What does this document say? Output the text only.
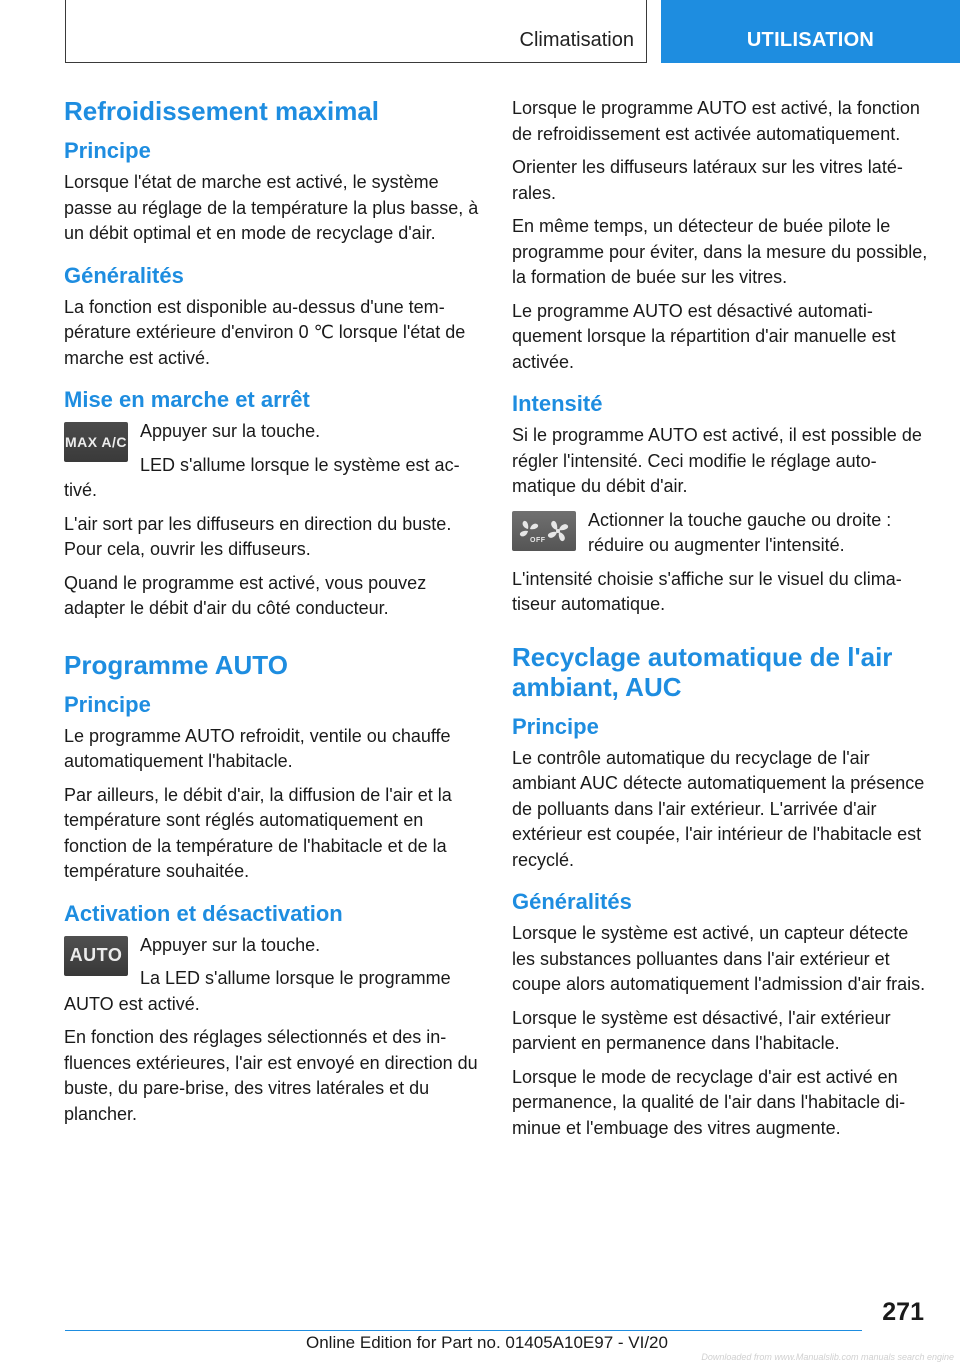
Climatisation	UTILISATION
Refroidissement maximal
Principe

Lorsque l'état de marche est activé, le système passe au réglage de la température la plus basse, à un débit optimal et en mode de recyclage d'air.

Généralités

La fonction est disponible au-dessus d'une température extérieure d'environ 0 ℃ lorsque l'état de marche est activé.

Mise en marche et arrêt
MAX A/C

Appuyer sur la touche.

LED s'allume lorsque le système est activé.

L'air sort par les diffuseurs en direction du buste. Pour cela, ouvrir les diffuseurs.

Quand le programme est activé, vous pouvez adapter le débit d'air du côté conducteur.

Programme AUTO
Principe

Le programme AUTO refroidit, ventile ou chauffe automatiquement l'habitacle.

Par ailleurs, le débit d'air, la diffusion de l'air et la température sont réglés automatiquement en fonction de la température de l'habitacle et de la température souhaitée.

Activation et désactivation
AUTO

Appuyer sur la touche.

La LED s'allume lorsque le programme AUTO est activé.

En fonction des réglages sélectionnés et des influences extérieures, l'air est envoyé en direction du buste, du pare-brise, des vitres latérales et du plancher.

Lorsque le programme AUTO est activé, la fonction de refroidissement est activée automatiquement.

Orienter les diffuseurs latéraux sur les vitres latérales.

En même temps, un détecteur de buée pilote le programme pour éviter, dans la mesure du possible, la formation de buée sur les vitres.

Le programme AUTO est désactivé automatiquement lorsque la répartition d'air manuelle est activée.

Intensité

Si le programme AUTO est activé, il est possible de régler l'intensité. Ceci modifie le réglage automatique du débit d'air.

OFF

Actionner la touche gauche ou droite : réduire ou augmenter l'intensité.

L'intensité choisie s'affiche sur le visuel du climatiseur automatique.

Recyclage automatique de l'air ambiant, AUC
Principe

Le contrôle automatique du recyclage de l'air ambiant AUC détecte automatiquement la présence de polluants dans l'air extérieur. L'arrivée d'air extérieur est coupée, l'air intérieur de l'habitacle est recyclé.

Généralités

Lorsque le système est activé, un capteur détecte les substances polluantes dans l'air extérieur et coupe alors automatiquement l'admission d'air frais.

Lorsque le système est désactivé, l'air extérieur parvient en permanence dans l'habitacle.

Lorsque le mode de recyclage d'air est activé en permanence, la qualité de l'air dans l'habitacle diminue et l'embuage des vitres augmente.

271
Online Edition for Part no. 01405A10E97 - VI/20
Downloaded from www.Manualslib.com manuals search engine
